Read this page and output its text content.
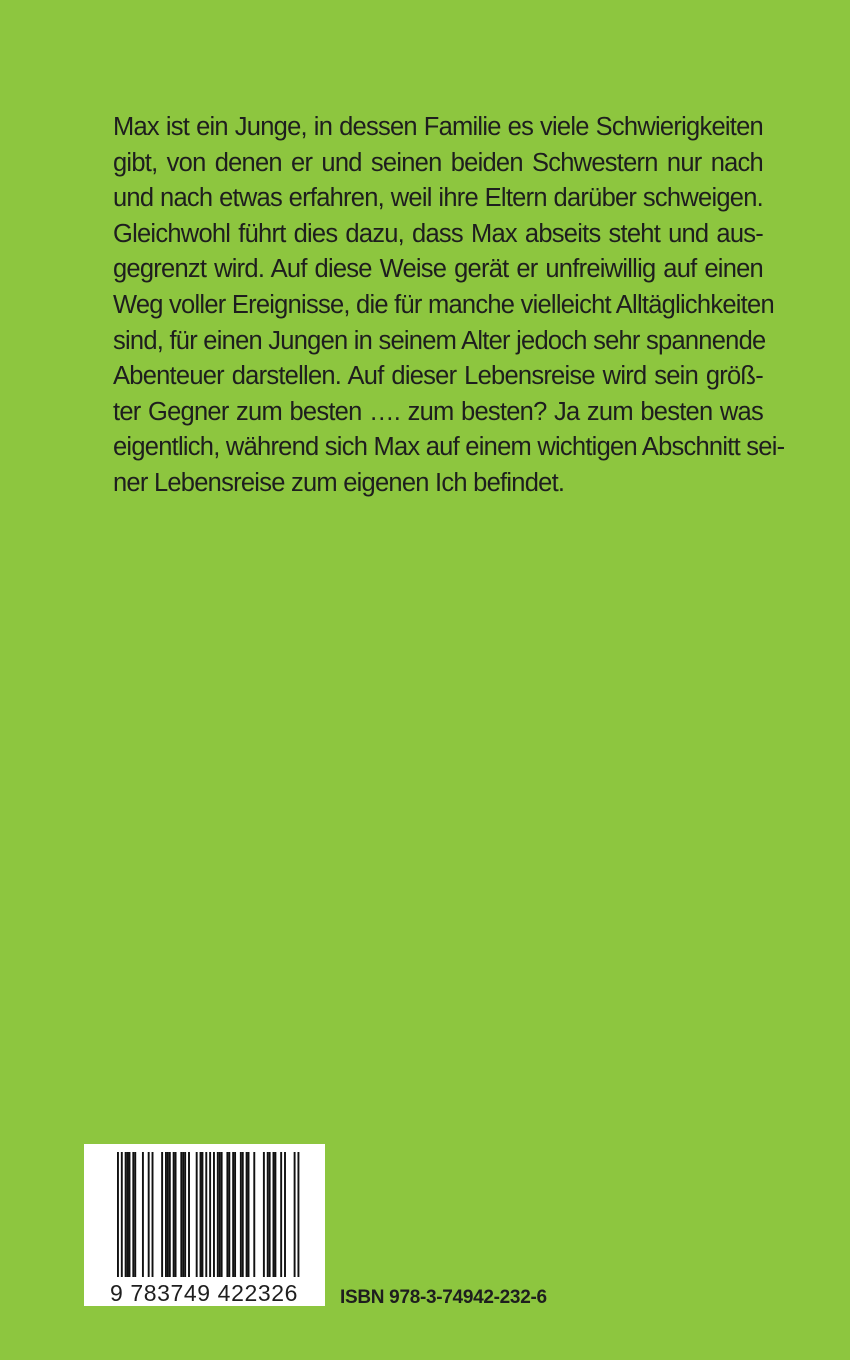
Max ist ein Junge, in dessen Familie es viele Schwierigkeiten
gibt, von denen er und seinen beiden Schwestern nur nach
und nach etwas erfahren, weil ihre Eltern darüber schweigen.
Gleichwohl führt dies dazu, dass Max abseits steht und aus-
gegrenzt wird. Auf diese Weise gerät er unfreiwillig auf einen
Weg voller Ereignisse, die für manche vielleicht Alltäglichkeiten
sind, für einen Jungen in seinem Alter jedoch sehr spannende
Abenteuer darstellen. Auf dieser Lebensreise wird sein größ-
ter Gegner zum besten …. zum besten? Ja zum besten was
eigentlich, während sich Max auf einem wichtigen Abschnitt sei-
ner Lebensreise zum eigenen Ich befindet.
9 783749 422326 ISBN 978-3-74942-232-6
